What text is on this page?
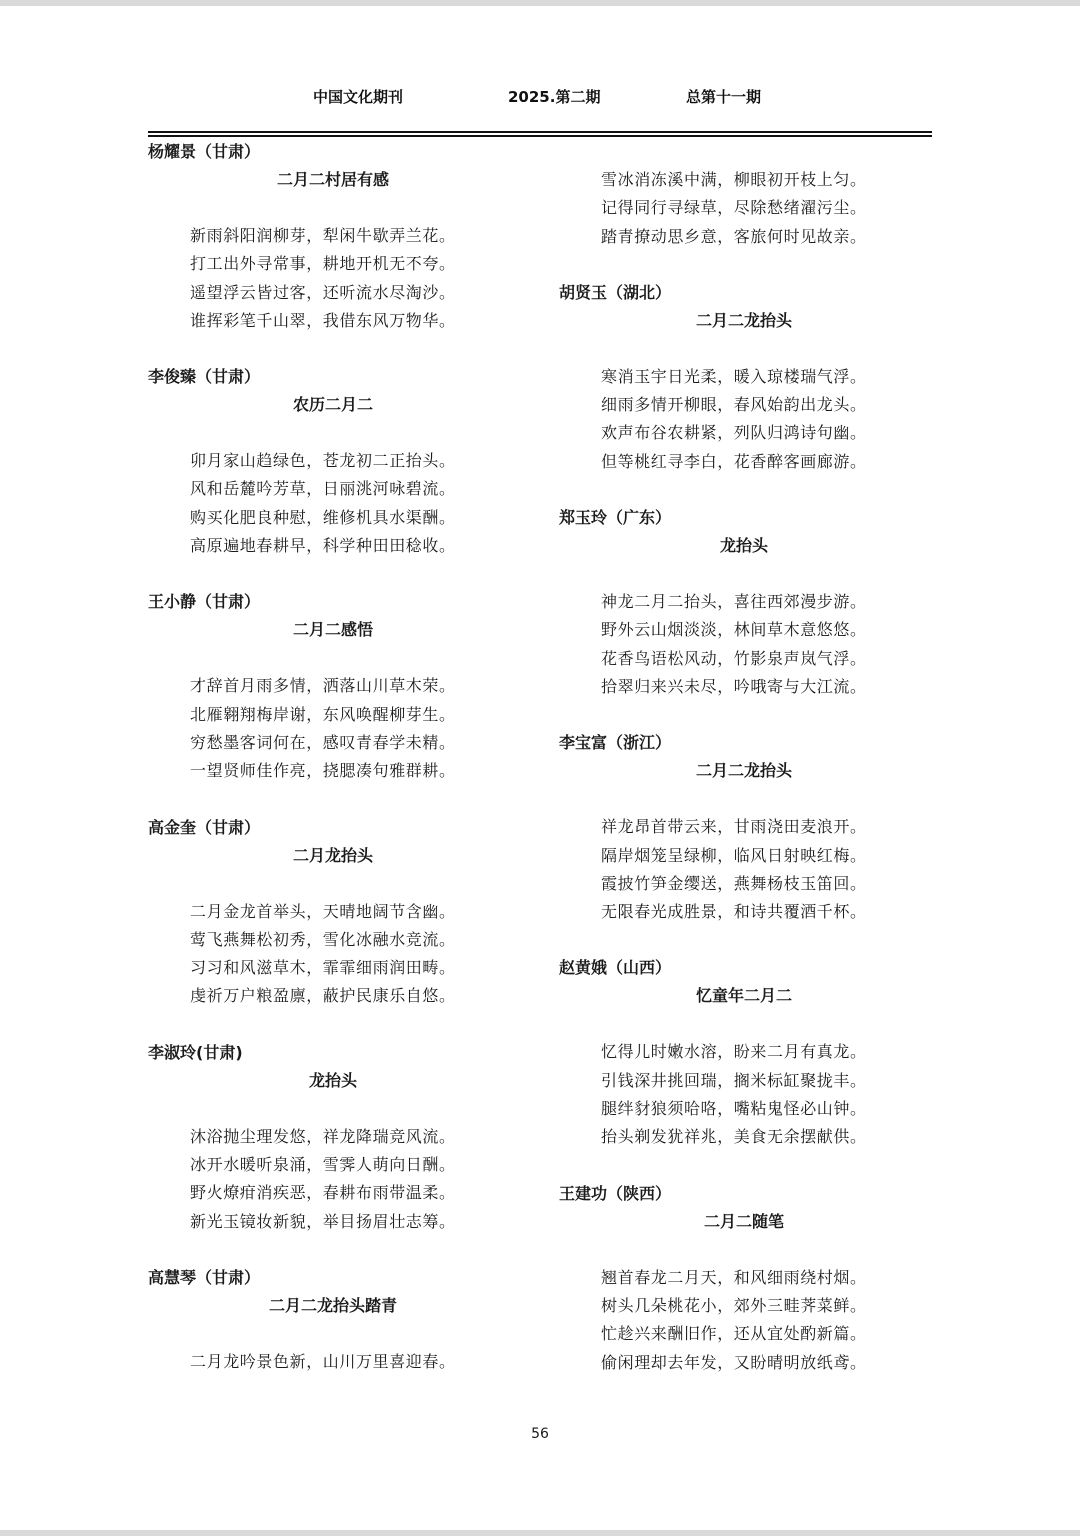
中国文化期刊	2025.第二期	总第十一期
杨耀景（甘肃）
二月二村居有感
新雨斜阳润柳芽，犁闲牛歇弄兰花。
打工出外寻常事，耕地开机无不夸。
遥望浮云皆过客，还听流水尽淘沙。
谁挥彩笔千山翠，我借东风万物华。
李俊臻（甘肃）
农历二月二
卯月家山趋绿色，苍龙初二正抬头。
风和岳麓吟芳草，日丽洮河咏碧流。
购买化肥良种慰，维修机具水渠酬。
高原遍地春耕早，科学种田田稔收。
王小静（甘肃）
二月二感悟
才辞首月雨多情，洒落山川草木荣。
北雁翱翔梅岸谢，东风唤醒柳芽生。
穷愁墨客词何在，感叹青春学未精。
一望贤师佳作亮，挠腮凑句雅群耕。
高金奎（甘肃）
二月龙抬头
二月金龙首举头，天晴地阔节含幽。
莺飞燕舞松初秀，雪化冰融水竞流。
习习和风滋草木，霏霏细雨润田畴。
虔祈万户粮盈廪，蔽护民康乐自悠。
李淑玲(甘肃)
龙抬头
沐浴抛尘理发悠，祥龙降瑞竞风流。
冰开水暖听泉涌，雪霁人萌向日酬。
野火燎疳消疾恶，春耕布雨带温柔。
新光玉镜妆新貌，举目扬眉壮志筹。
高慧琴（甘肃）
二月二龙抬头踏青
二月龙吟景色新，山川万里喜迎春。
雪冰消冻溪中满，柳眼初开枝上匀。
记得同行寻绿草，尽除愁绪濯污尘。
踏青撩动思乡意，客旅何时见故亲。
胡贤玉（湖北）
二月二龙抬头
寒消玉宇日光柔，暖入琼楼瑞气浮。
细雨多情开柳眼，春风始韵出龙头。
欢声布谷农耕紧，列队归鸿诗句幽。
但等桃红寻李白，花香醉客画廊游。
郑玉玲（广东）
龙抬头
神龙二月二抬头，喜往西郊漫步游。
野外云山烟淡淡，林间草木意悠悠。
花香鸟语松风动，竹影泉声岚气浮。
拾翠归来兴未尽，吟哦寄与大江流。
李宝富（浙江）
二月二龙抬头
祥龙昂首带云来，甘雨浇田麦浪开。
隔岸烟笼呈绿柳，临风日射映红梅。
霞披竹笋金缨送，燕舞杨枝玉笛回。
无限春光成胜景，和诗共覆酒千杯。
赵黄娥（山西）
忆童年二月二
忆得儿时嫩水溶，盼来二月有真龙。
引钱深井挑回瑞，搁米标缸聚拢丰。
腿绊豺狼须哈咯，嘴粘鬼怪必山钟。
抬头剃发犹祥兆，美食无余摆献供。
王建功（陕西）
二月二随笔
翘首春龙二月天，和风细雨绕村烟。
树头几朵桃花小，郊外三畦荠菜鲜。
忙趁兴来酬旧作，还从宜处酌新篇。
偷闲理却去年发，又盼晴明放纸鸢。
56
